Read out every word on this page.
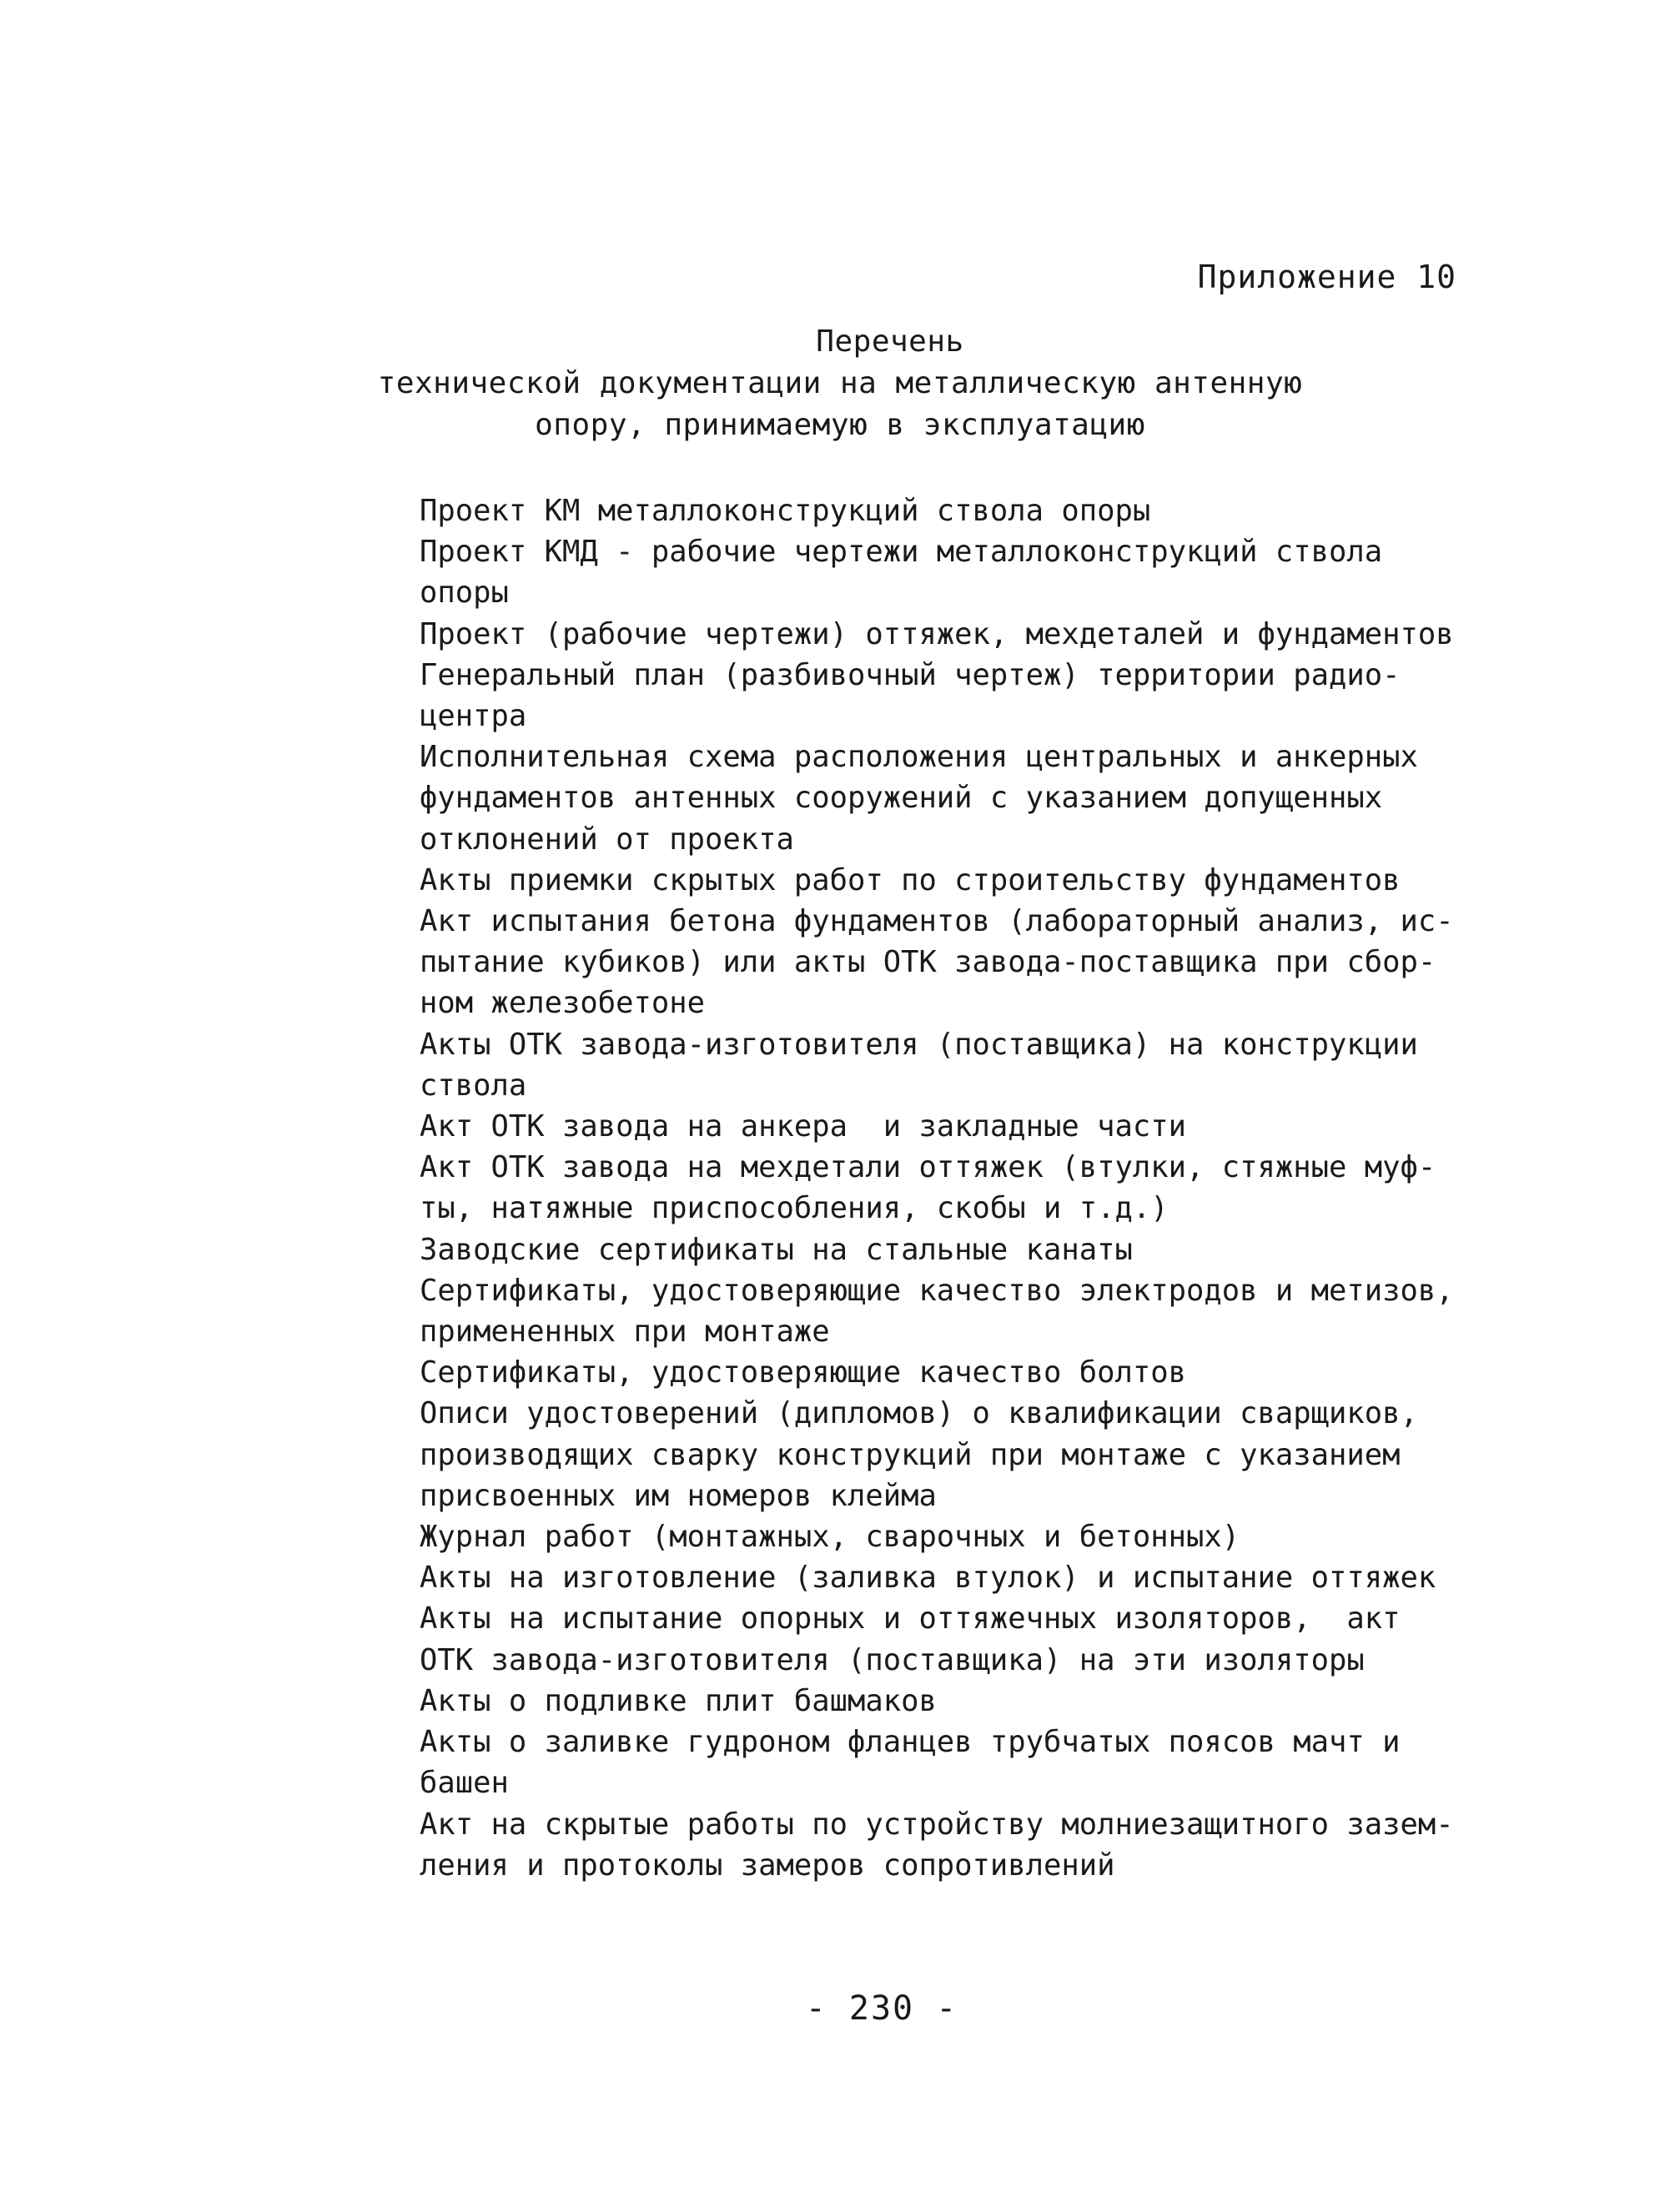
Приложение 10
Перечень
технической документации на металлическую антенную
опору, принимаемую в эксплуатацию
Проект КМ металлоконструкций ствола опоры
Проект КМД - рабочие чертежи металлоконструкций ствола
опоры
Проект (рабочие чертежи) оттяжек, мехдеталей и фундаментов
Генеральный план (разбивочный чертеж) территории радио-
центра
Исполнительная схема расположения центральных и анкерных
фундаментов антенных сооружений с указанием допущенных
отклонений от проекта
Акты приемки скрытых работ по строительству фундаментов
Акт испытания бетона фундаментов (лабораторный анализ, ис-
пытание кубиков) или акты ОТК завода-поставщика при сбор-
ном железобетоне
Акты ОТК завода-изготовителя (поставщика) на конструкции
ствола
Акт ОТК завода на анкера  и закладные части
Акт ОТК завода на мехдетали оттяжек (втулки, стяжные муф-
ты, натяжные приспособления, скобы и т.д.)
Заводские сертификаты на стальные канаты
Сертификаты, удостоверяющие качество электродов и метизов,
примененных при монтаже
Сертификаты, удостоверяющие качество болтов
Описи удостоверений (дипломов) о квалификации сварщиков,
производящих сварку конструкций при монтаже с указанием
присвоенных им номеров клейма
Журнал работ (монтажных, сварочных и бетонных)
Акты на изготовление (заливка втулок) и испытание оттяжек
Акты на испытание опорных и оттяжечных изоляторов,  акт
ОТК завода-изготовителя (поставщика) на эти изоляторы
Акты о подливке плит башмаков
Акты о заливке гудроном фланцев трубчатых поясов мачт и
башен
Акт на скрытые работы по устройству молниезащитного зазем-
ления и протоколы замеров сопротивлений
- 230 -
